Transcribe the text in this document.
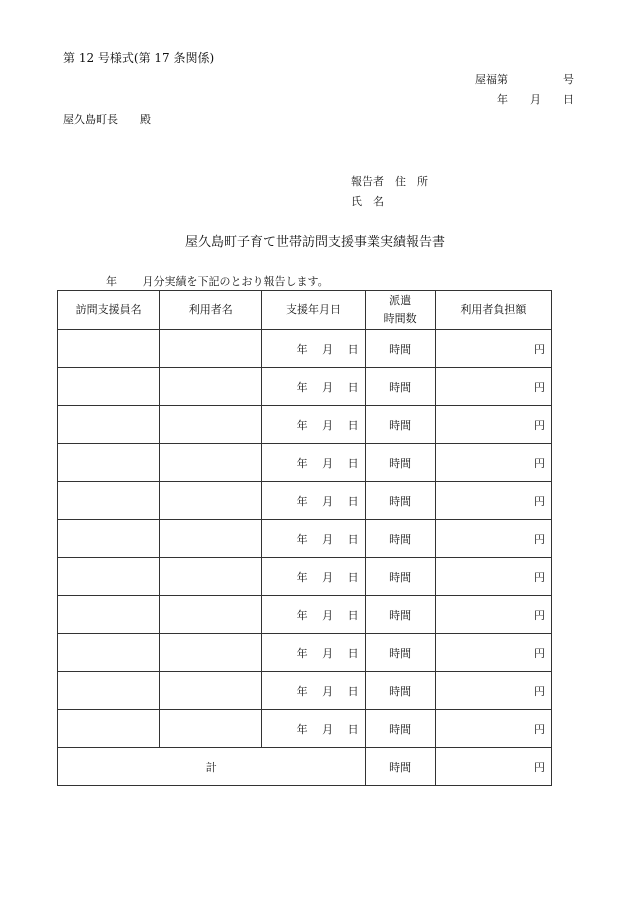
第 12 号様式(第 17 条関係)
屋福第　　　　　号
年　　月　　日
屋久島町長　　殿
報告者　住　所
氏　名
屋久島町子育て世帯訪問支援事業実績報告書
年　　 月分実績を下記のとおり報告します。
訪問支援員名	利用者名	支援年月日	派遣
時間数	利用者負担額
		年　 月　 日	時間	円
		年　 月　 日	時間	円
		年　 月　 日	時間	円
		年　 月　 日	時間	円
		年　 月　 日	時間	円
		年　 月　 日	時間	円
		年　 月　 日	時間	円
		年　 月　 日	時間	円
		年　 月　 日	時間	円
		年　 月　 日	時間	円
		年　 月　 日	時間	円
計			時間	円
